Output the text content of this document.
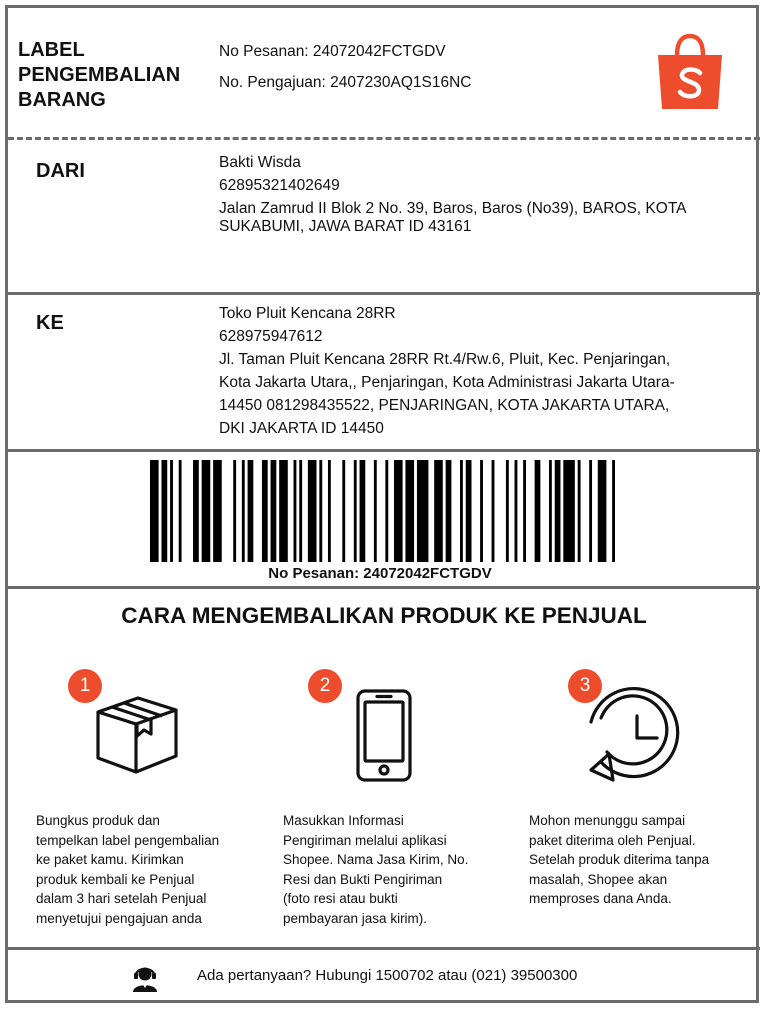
LABEL
PENGEMBALIAN
BARANG
No Pesanan: 24072042FCTGDV
No. Pengajuan: 2407230AQ1S16NC
DARI	Bakti Wisda
62895321402649
Jalan Zamrud II Blok 2 No. 39, Baros, Baros (No39), BAROS, KOTA SUKABUMI, JAWA BARAT ID 43161
KE	Toko Pluit Kencana 28RR
628975947612
Jl. Taman Pluit Kencana 28RR Rt.4/Rw.6, Pluit, Kec. Penjaringan,
Kota Jakarta Utara,, Penjaringan, Kota Administrasi Jakarta Utara-
14450 081298435522, PENJARINGAN, KOTA JAKARTA UTARA,
DKI JAKARTA ID 14450
No Pesanan: 24072042FCTGDV
CARA MENGEMBALIKAN PRODUK KE PENJUAL
1	2	3
Bungkus produk dan
tempelkan label pengembalian
ke paket kamu. Kirimkan
produk kembali ke Penjual
dalam 3 hari setelah Penjual
menyetujui pengajuan anda
Masukkan Informasi
Pengiriman melalui aplikasi
Shopee. Nama Jasa Kirim, No.
Resi dan Bukti Pengiriman
(foto resi atau bukti
pembayaran jasa kirim).
Mohon menunggu sampai
paket diterima oleh Penjual.
Setelah produk diterima tanpa
masalah, Shopee akan
memproses dana Anda.
Ada pertanyaan? Hubungi 1500702 atau (021) 39500300
